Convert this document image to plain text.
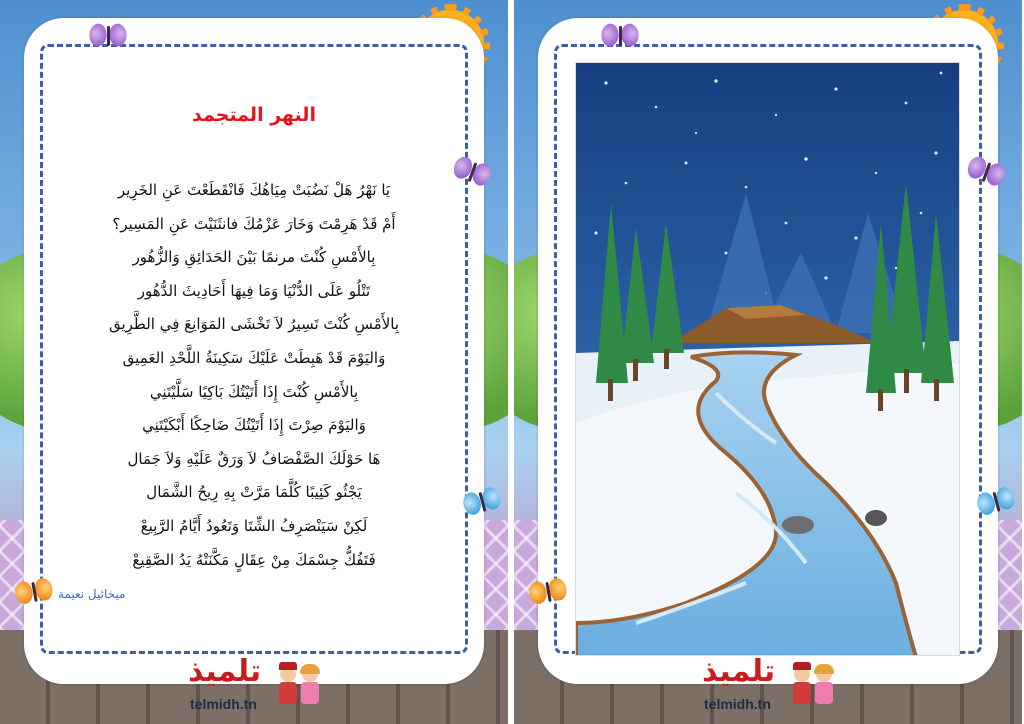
النهر المتجمد
يَا نَهْرُ هَلْ نَضُبَتْ مِيَاهُكَ فَانْقَطَعْتَ عَنِ الخَرِير
أَمْ قَدْ هَرِمْتَ وَخَارَ عَزْمُكَ فانثَنَيْتَ عَنِ المَسِير؟
بِالأَمْسِ كُنْتَ مرنمًا بَيْنَ الحَدَائِقِ وَالزُّهُور
تَتْلُو عَلَى الدُّنْيَا وَمَا فِيهَا أَحَادِيثَ الدُّهُور
بِالأَمْسِ كُنْتَ تَسِيرُ لاَ تَخْشَى المَوَانِعَ فِي الطَّرِيق
وَاليَوْمَ قَدْ هَبِطَتْ عَلَيْكَ سَكِينَةُ اللَّحْدِ العَمِيق
بِالأَمْسِ كُنْتَ إِذَا أَتَيْتُكَ بَاكِيًا سَلَّيْتَنِي
وَاليَوْمَ صِرْتَ إِذَا أَتَيْتُكَ ضَاحِكًا أَبْكَيْتَنِي
هَا حَوْلَكَ الصَّفْصَافُ لاَ وَرَقٌ عَلَيْهِ وَلاَ جَمَال
يَجْثُو كَئِيبًا كُلَّمَا مَرَّتْ بِهِ رِيحُ الشَّمَال
لَكِنْ سَيَنْصَرِفُ الشِّتَا وَتَعُودُ أَيَّامُ الرَّبِيعْ
فَتَفُكُّ جِسْمَكَ مِنْ عِقَالٍ مَكَّنَتْهُ يَدُ الصَّقِيعْ
ميخائيل نعيمة
تلميذ
telmidh.tn
تلميذ
telmidh.tn
